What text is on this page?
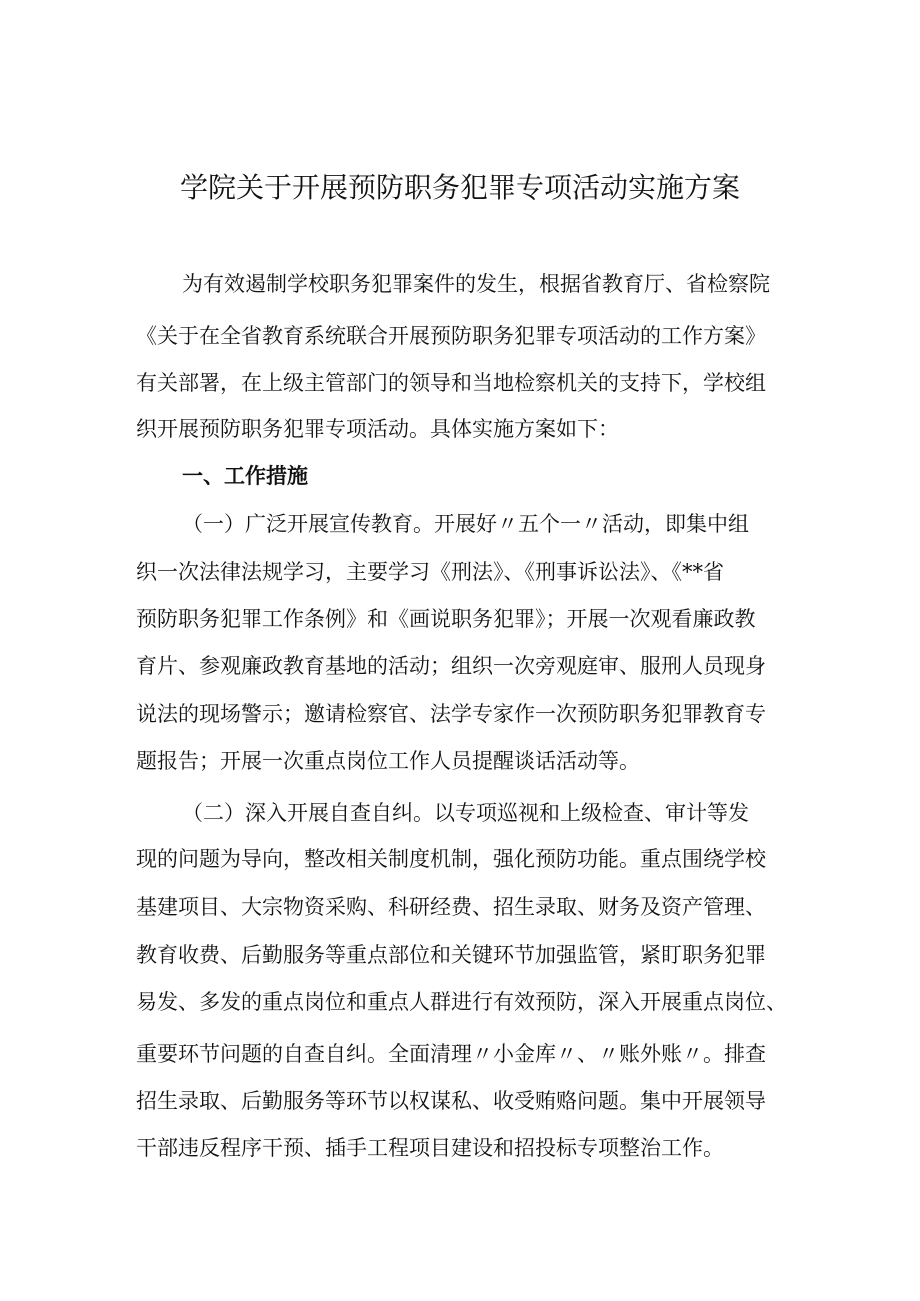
学院关于开展预防职务犯罪专项活动实施方案
为有效遏制学校职务犯罪案件的发生，根据省教育厅、省检察院
《关于在全省教育系统联合开展预防职务犯罪专项活动的工作方案》
有关部署，在上级主管部门的领导和当地检察机关的支持下，学校组
织开展预防职务犯罪专项活动。具体实施方案如下：
一、工作措施
（一）广泛开展宣传教育。开展好〃五个一〃活动，即集中组
织一次法律法规学习，主要学习《刑法》、《刑事诉讼法》、《**省
预防职务犯罪工作条例》和《画说职务犯罪》；开展一次观看廉政教
育片、参观廉政教育基地的活动；组织一次旁观庭审、服刑人员现身
说法的现场警示；邀请检察官、法学专家作一次预防职务犯罪教育专
题报告；开展一次重点岗位工作人员提醒谈话活动等。
（二）深入开展自查自纠。以专项巡视和上级检查、审计等发
现的问题为导向，整改相关制度机制，强化预防功能。重点围绕学校
基建项目、大宗物资采购、科研经费、招生录取、财务及资产管理、
教育收费、后勤服务等重点部位和关键环节加强监管，紧盯职务犯罪
易发、多发的重点岗位和重点人群进行有效预防，深入开展重点岗位、
重要环节问题的自查自纠。全面清理〃小金库〃、〃账外账〃。排查
招生录取、后勤服务等环节以权谋私、收受贿赂问题。集中开展领导
干部违反程序干预、插手工程项目建设和招投标专项整治工作。
